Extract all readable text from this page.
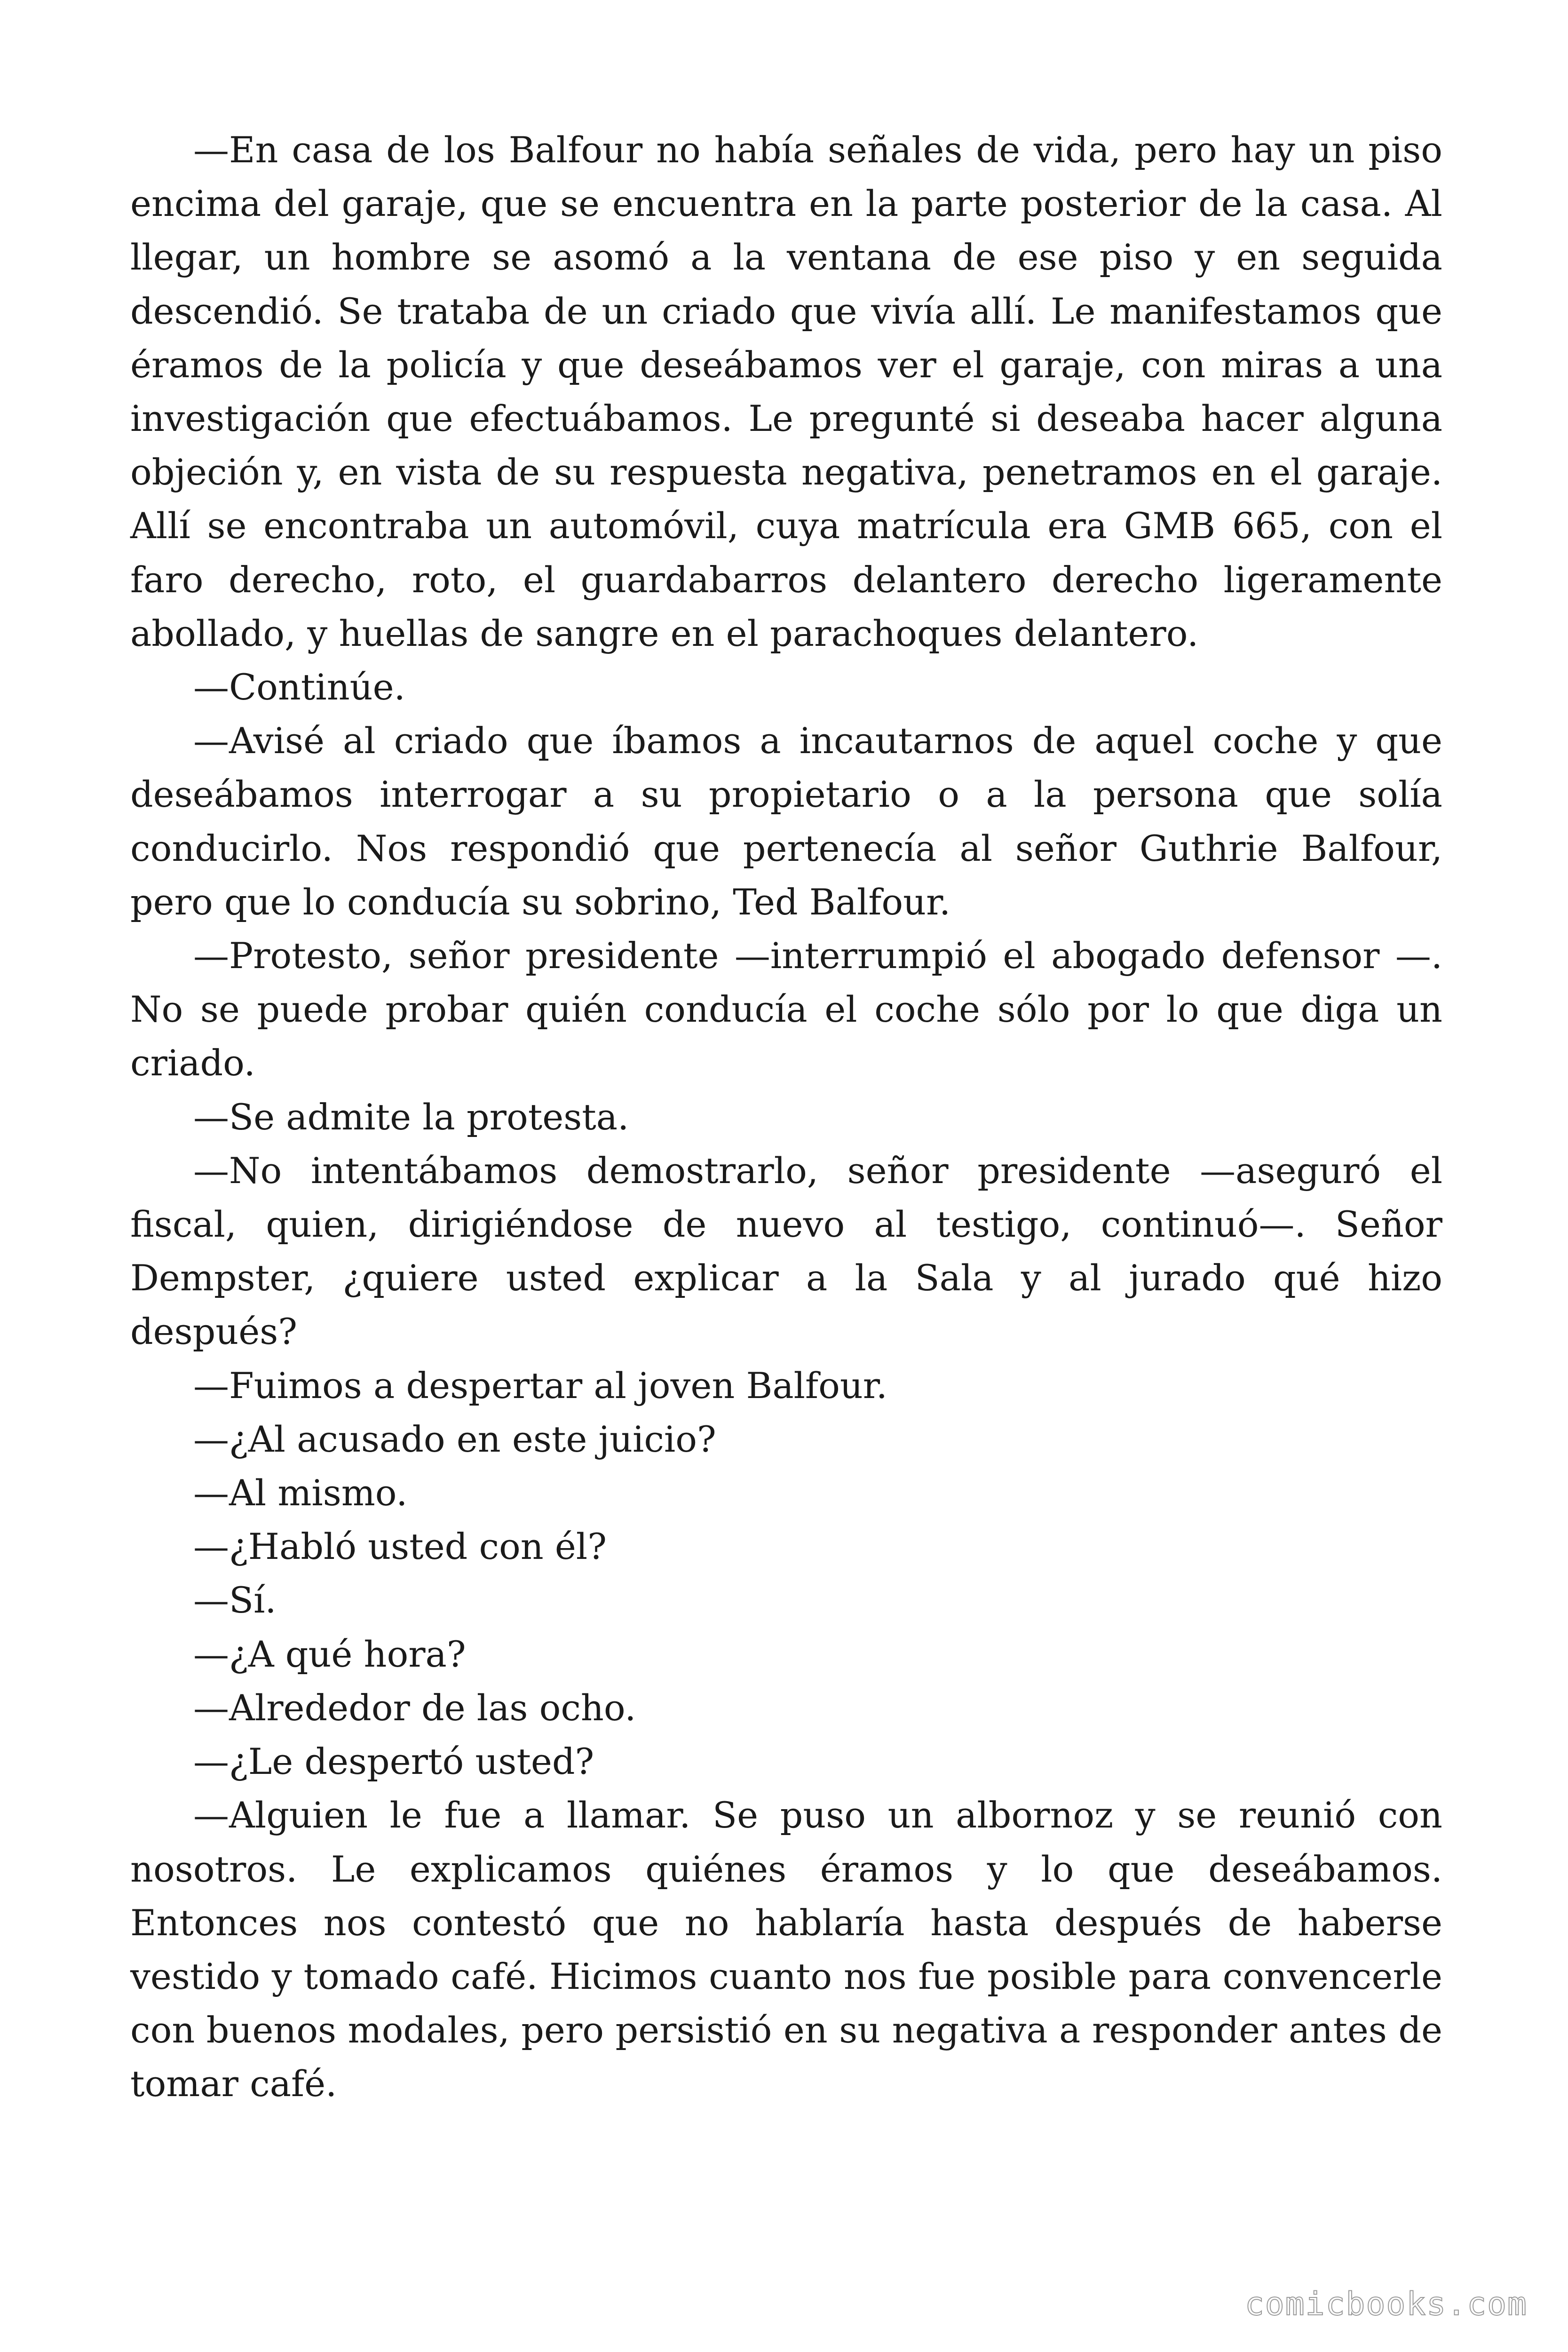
—En casa de los Balfour no había señales de vida, pero hay un piso encima del garaje, que se encuentra en la parte posterior de la casa. Al llegar, un hombre se asomó a la ventana de ese piso y en seguida descendió. Se trataba de un criado que vivía allí. Le manifestamos que éramos de la policía y que deseábamos ver el garaje, con miras a una investigación que efectuábamos. Le pregunté si deseaba hacer alguna objeción y, en vista de su respuesta negativa, penetramos en el garaje. Allí se encontraba un automóvil, cuya matrícula era GMB 665, con el faro derecho, roto, el guardabarros delantero derecho ligeramente abollado, y huellas de sangre en el parachoques delantero.

—Continúe.

—Avisé al criado que íbamos a incautarnos de aquel coche y que deseábamos interrogar a su propietario o a la persona que solía conducirlo. Nos respondió que pertenecía al señor Guthrie Balfour, pero que lo conducía su sobrino, Ted Balfour.

—Protesto, señor presidente —interrumpió el abogado defensor —. No se puede probar quién conducía el coche sólo por lo que diga un criado.

—Se admite la protesta.

—No intentábamos demostrarlo, señor presidente —aseguró el fiscal, quien, dirigiéndose de nuevo al testigo, continuó—. Señor Dempster, ¿quiere usted explicar a la Sala y al jurado qué hizo después?

—Fuimos a despertar al joven Balfour.

—¿Al acusado en este juicio?

—Al mismo.

—¿Habló usted con él?

—Sí.

—¿A qué hora?

—Alrededor de las ocho.

—¿Le despertó usted?

—Alguien le fue a llamar. Se puso un albornoz y se reunió con nosotros. Le explicamos quiénes éramos y lo que deseábamos. Entonces nos contestó que no hablaría hasta después de haberse vestido y tomado café. Hicimos cuanto nos fue posible para convencerle con buenos modales, pero persistió en su negativa a responder antes de tomar café.

comicbooks.com
